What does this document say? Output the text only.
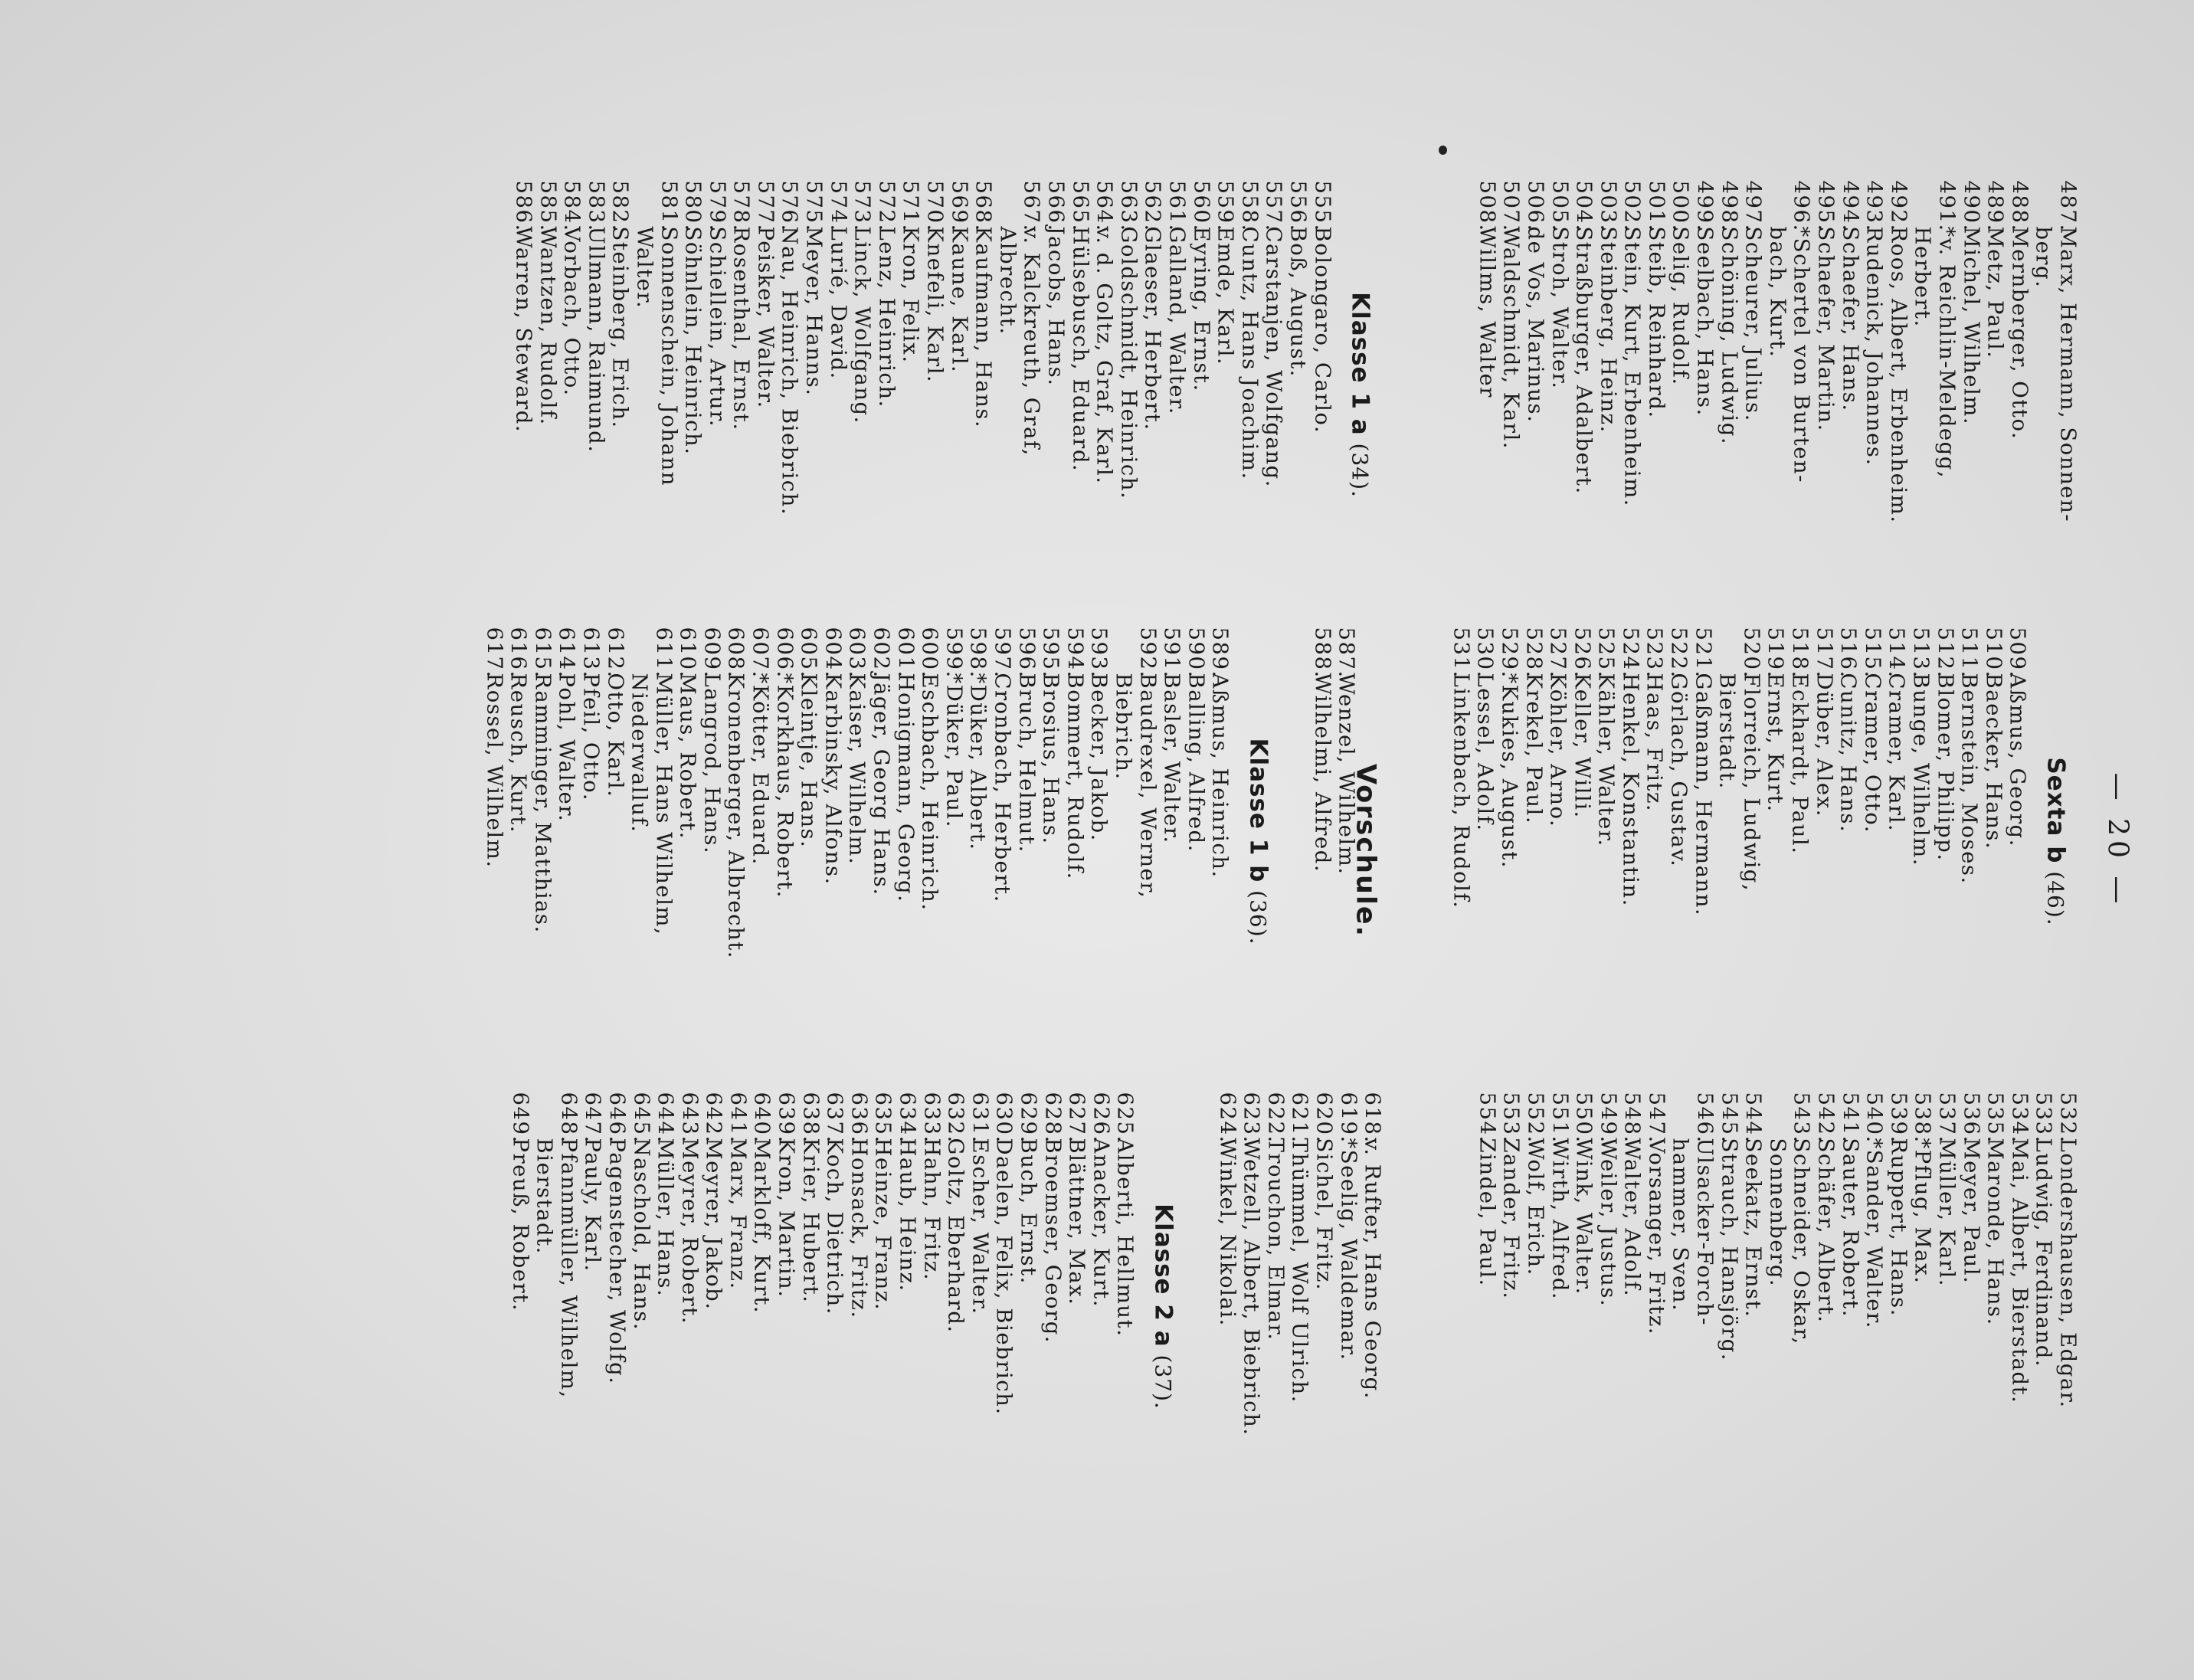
— 20 —
Vorschule.
487.
Marx, Hermann, Sonnen-
berg.
488.
Mernberger, Otto.
489.
Metz, Paul.
490.
Michel, Wilhelm.
491.
*v. Reichlin-Meldegg,
Herbert.
492.
Roos, Albert, Erbenheim.
493.
Rudenick, Johannes.
494.
Schaefer, Hans.
495.
Schaefer, Martin.
496.
*Schertel von Burten-
bach, Kurt.
497.
Scheurer, Julius.
498.
Schöning, Ludwig.
499.
Seelbach, Hans.
500.
Selig, Rudolf.
501.
Steib, Reinhard.
502.
Stein, Kurt, Erbenheim.
503.
Steinberg, Heinz.
504.
Straßburger, Adalbert.
505.
Stroh, Walter.
506.
de Vos, Marinus.
507.
Waldschmidt, Karl.
508.
Willms, Walter
Klasse 1 a (34).
555.
Bolongaro, Carlo.
556.
Boß, August.
557.
Carstanjen, Wolfgang.
558.
Cuntz, Hans Joachim.
559.
Emde, Karl.
560.
Eyring, Ernst.
561.
Galland, Walter.
562.
Glaeser, Herbert.
563.
Goldschmidt, Heinrich.
564.
v. d. Goltz, Graf, Karl.
565.
Hülsebusch, Eduard.
566.
Jacobs, Hans.
567.
v. Kalckreuth, Graf,
Albrecht.
568.
Kaufmann, Hans.
569.
Kaune, Karl.
570.
Knefeli, Karl.
571.
Kron, Felix.
572.
Lenz, Heinrich.
573.
Linck, Wolfgang.
574.
Lurié, David.
575.
Meyer, Hanns.
576.
Nau, Heinrich, Biebrich.
577.
Peisker, Walter.
578.
Rosenthal, Ernst.
579.
Schiellein, Artur.
580.
Söhnlein, Heinrich.
581.
Sonnenschein, Johann
Walter.
582.
Steinberg, Erich.
583.
Ullmann, Raimund.
584.
Vorbach, Otto.
585.
Wantzen, Rudolf.
586.
Warren, Steward.
Sexta b (46).
509.
Aßmus, Georg.
510.
Baecker, Hans.
511.
Bernstein, Moses.
512.
Blomer, Philipp.
513.
Bunge, Wilhelm.
514.
Cramer, Karl.
515.
Cramer, Otto.
516.
Cunitz, Hans.
517.
Düber, Alex.
518.
Eckhardt, Paul.
519.
Ernst, Kurt.
520.
Florreich, Ludwig,
Bierstadt.
521.
Gaßmann, Hermann.
522.
Görlach, Gustav.
523.
Haas, Fritz.
524.
Henkel, Konstantin.
525.
Kähler, Walter.
526.
Keller, Willi.
527.
Köhler, Arno.
528.
Krekel, Paul.
529.
*Kukies, August.
530.
Lessel, Adolf.
531.
Linkenbach, Rudolf.
587.
Wenzel, Wilhelm.
588.
Wilhelmi, Alfred.
Klasse 1 b (36).
589.
Aßmus, Heinrich.
590.
Balling, Alfred.
591.
Basler, Walter.
592.
Baudrexel, Werner,
Biebrich.
593.
Becker, Jakob.
594.
Bommert, Rudolf.
595.
Brosius, Hans.
596.
Bruch, Helmut.
597.
Cronbach, Herbert.
598.
*Düker, Albert.
599.
*Düker, Paul.
600.
Eschbach, Heinrich.
601.
Honigmann, Georg.
602.
Jäger, Georg Hans.
603.
Kaiser, Wilhelm.
604.
Karbinsky, Alfons.
605.
Kleintje, Hans.
606.
*Korkhaus, Robert.
607.
*Kötter, Eduard.
608.
Kronenberger, Albrecht.
609.
Langrod, Hans.
610.
Maus, Robert.
611.
Müller, Hans Wilhelm,
Niederwalluf.
612.
Otto, Karl.
613.
Pfeil, Otto.
614.
Pohl, Walter.
615.
Ramminger, Matthias.
616.
Reusch, Kurt.
617.
Rossel, Wilhelm.
532.
Londershausen, Edgar.
533.
Ludwig, Ferdinand.
534.
Mai, Albert, Bierstadt.
535.
Maronde, Hans.
536.
Meyer, Paul.
537.
Müller, Karl.
538.
*Pflug, Max.
539.
Ruppert, Hans.
540.
*Sander, Walter.
541.
Sauter, Robert.
542.
Schäfer, Albert.
543.
Schneider, Oskar,
Sonnenberg.
544.
Seekatz, Ernst.
545.
Strauch, Hansjörg.
546.
Ulsacker-Forch-
hammer, Sven.
547.
Vorsanger, Fritz.
548.
Walter, Adolf.
549.
Weiler, Justus.
550.
Wink, Walter.
551.
Wirth, Alfred.
552.
Wolf, Erich.
553.
Zander, Fritz.
554.
Zindel, Paul.
618.
v. Rufter, Hans Georg.
619.
*Seelig, Waldemar.
620.
Sichel, Fritz.
621.
Thümmel, Wolf Ulrich.
622.
Trouchon, Elmar.
623.
Wetzell, Albert, Biebrich.
624.
Winkel, Nikolai.
Klasse 2 a (37).
625.
Alberti, Hellmut.
626.
Anacker, Kurt.
627.
Blättner, Max.
628.
Broemser, Georg.
629.
Buch, Ernst.
630.
Daelen, Felix, Biebrich.
631.
Escher, Walter.
632.
Goltz, Eberhard.
633.
Hahn, Fritz.
634.
Haub, Heinz.
635.
Heinze, Franz.
636.
Honsack, Fritz.
637.
Koch, Dietrich.
638.
Krier, Hubert.
639.
Kron, Martin.
640.
Markloff, Kurt.
641.
Marx, Franz.
642.
Meyrer, Jakob.
643.
Meyrer, Robert.
644.
Müller, Hans.
645.
Naschold, Hans.
646.
Pagenstecher, Wolfg.
647.
Pauly, Karl.
648.
Pfannmüller, Wilhelm,
Bierstadt.
649.
Preuß, Robert.
